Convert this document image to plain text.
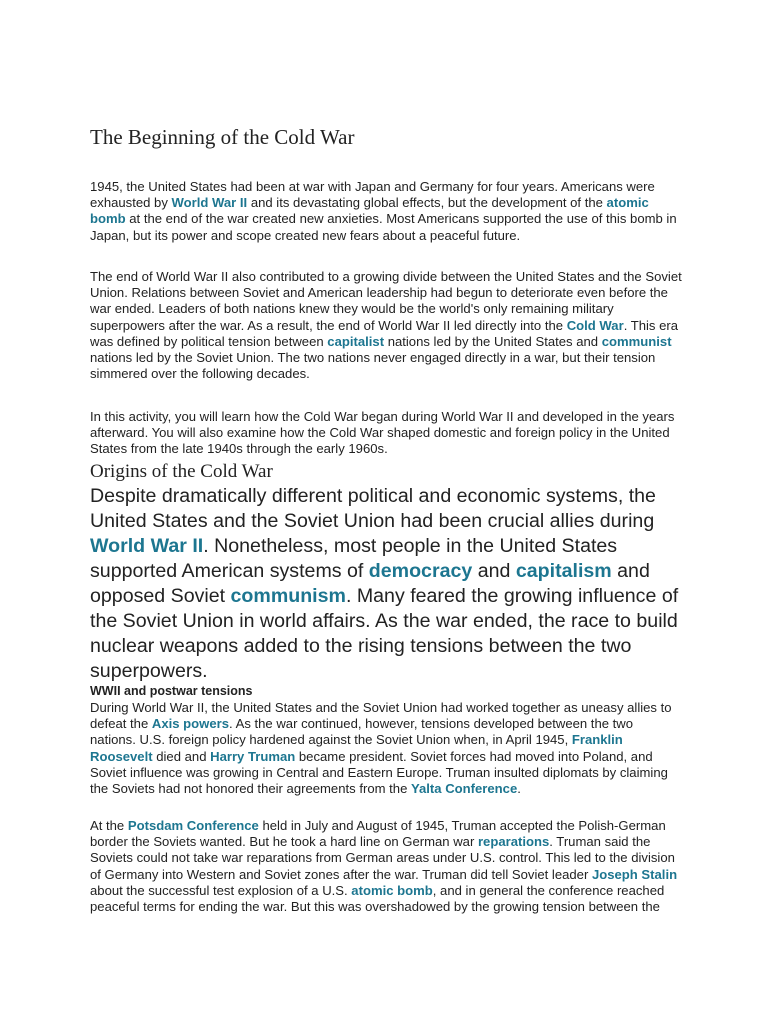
The Beginning of the Cold War

1945, the United States had been at war with Japan and Germany for four years. Americans were exhausted by World War II and its devastating global effects, but the development of the atomic bomb at the end of the war created new anxieties. Most Americans supported the use of this bomb in Japan, but its power and scope created new fears about a peaceful future.

The end of World War II also contributed to a growing divide between the United States and the Soviet Union. Relations between Soviet and American leadership had begun to deteriorate even before the war ended. Leaders of both nations knew they would be the world's only remaining military superpowers after the war. As a result, the end of World War II led directly into the Cold War. This era was defined by political tension between capitalist nations led by the United States and communist nations led by the Soviet Union. The two nations never engaged directly in a war, but their tension simmered over the following decades.

In this activity, you will learn how the Cold War began during World War II and developed in the years afterward. You will also examine how the Cold War shaped domestic and foreign policy in the United States from the late 1940s through the early 1960s.

Origins of the Cold War

Despite dramatically different political and economic systems, the United States and the Soviet Union had been crucial allies during World War II. Nonetheless, most people in the United States supported American systems of democracy and capitalism and opposed Soviet communism. Many feared the growing influence of the Soviet Union in world affairs. As the war ended, the race to build nuclear weapons added to the rising tensions between the two superpowers.

WWII and postwar tensions

During World War II, the United States and the Soviet Union had worked together as uneasy allies to defeat the Axis powers. As the war continued, however, tensions developed between the two nations. U.S. foreign policy hardened against the Soviet Union when, in April 1945, Franklin Roosevelt died and Harry Truman became president. Soviet forces had moved into Poland, and Soviet influence was growing in Central and Eastern Europe. Truman insulted diplomats by claiming the Soviets had not honored their agreements from the Yalta Conference.

At the Potsdam Conference held in July and August of 1945, Truman accepted the Polish-German border the Soviets wanted. But he took a hard line on German war reparations. Truman said the Soviets could not take war reparations from German areas under U.S. control. This led to the division of Germany into Western and Soviet zones after the war. Truman did tell Soviet leader Joseph Stalin about the successful test explosion of a U.S. atomic bomb, and in general the conference reached peaceful terms for ending the war. But this was overshadowed by the growing tension between the
